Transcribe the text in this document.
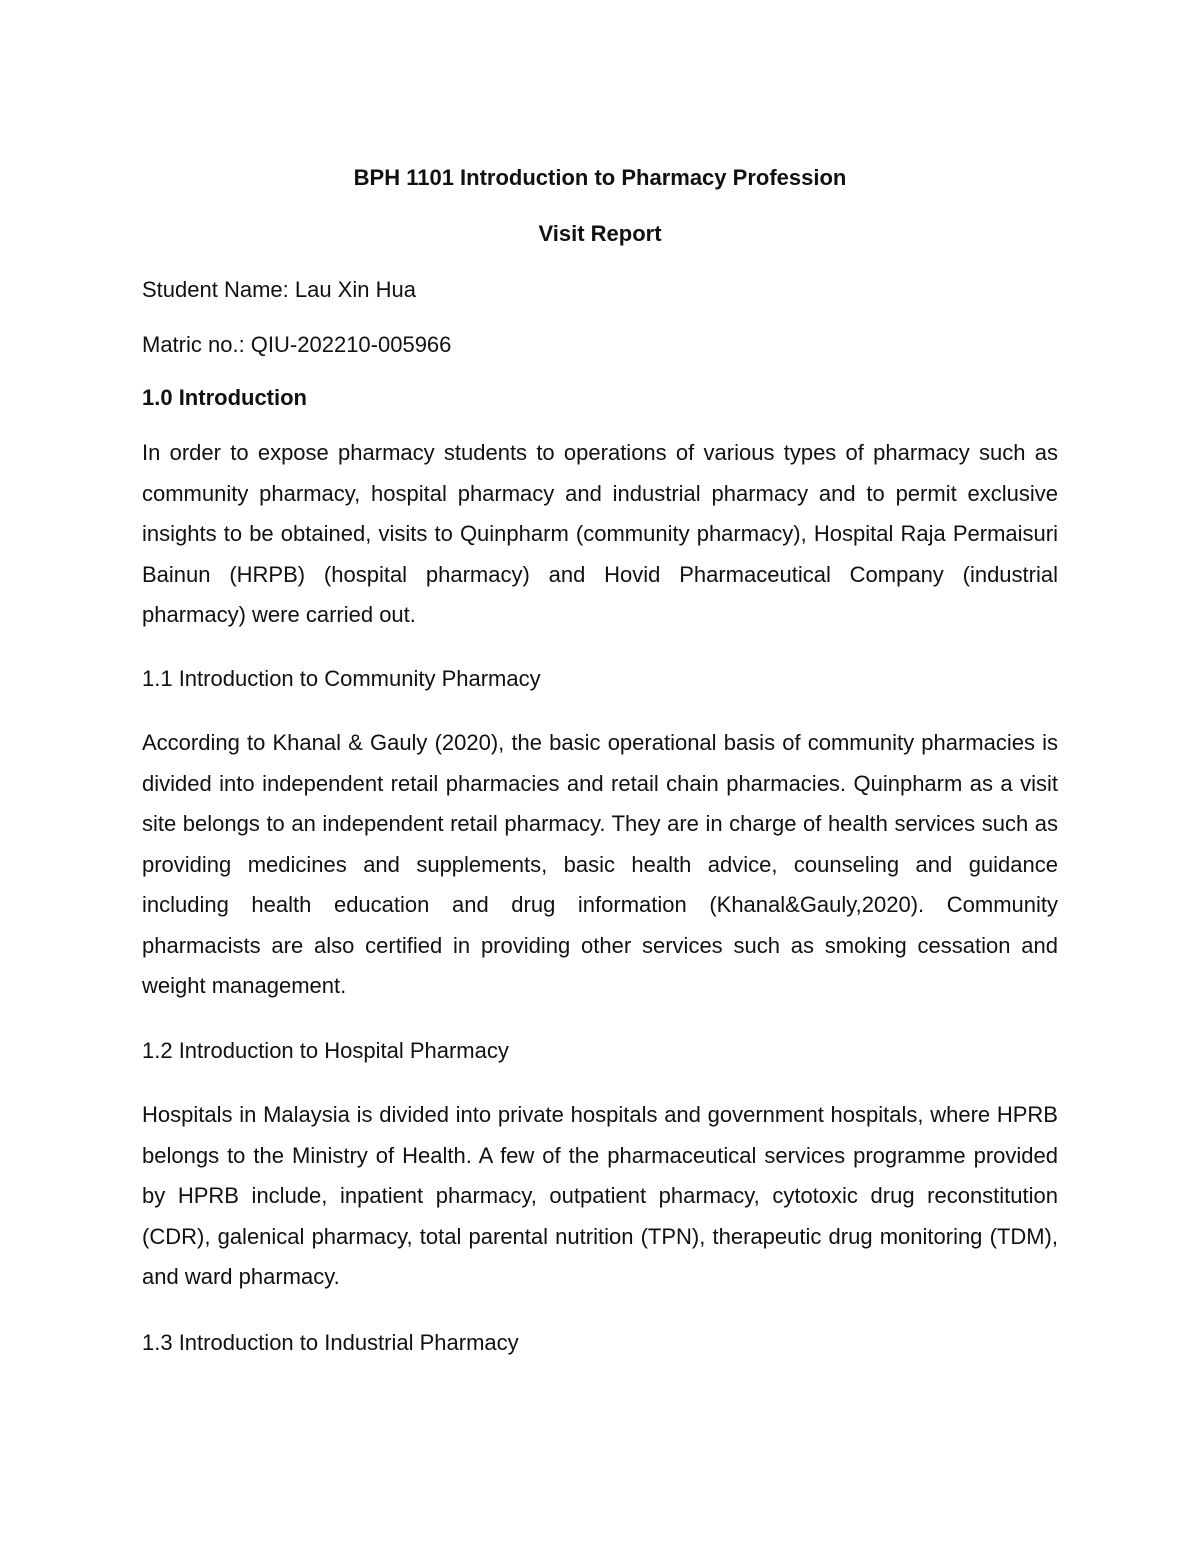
BPH 1101 Introduction to Pharmacy Profession

Visit Report

Student Name: Lau Xin Hua

Matric no.: QIU-202210-005966

1.0 Introduction

In order to expose pharmacy students to operations of various types of pharmacy such as community pharmacy, hospital pharmacy and industrial pharmacy and to permit exclusive insights to be obtained, visits to Quinpharm (community pharmacy), Hospital Raja Permaisuri Bainun (HRPB) (hospital pharmacy) and Hovid Pharmaceutical Company (industrial pharmacy) were carried out.

1.1 Introduction to Community Pharmacy

According to Khanal & Gauly (2020), the basic operational basis of community pharmacies is divided into independent retail pharmacies and retail chain pharmacies. Quinpharm as a visit site belongs to an independent retail pharmacy. They are in charge of health services such as providing medicines and supplements, basic health advice, counseling and guidance including health education and drug information (Khanal&Gauly,2020). Community pharmacists are also certified in providing other services such as smoking cessation and weight management.

1.2 Introduction to Hospital Pharmacy

Hospitals in Malaysia is divided into private hospitals and government hospitals, where HPRB belongs to the Ministry of Health. A few of the pharmaceutical services programme provided by HPRB include, inpatient pharmacy, outpatient pharmacy, cytotoxic drug reconstitution (CDR), galenical pharmacy, total parental nutrition (TPN), therapeutic drug monitoring (TDM), and ward pharmacy.

1.3 Introduction to Industrial Pharmacy
